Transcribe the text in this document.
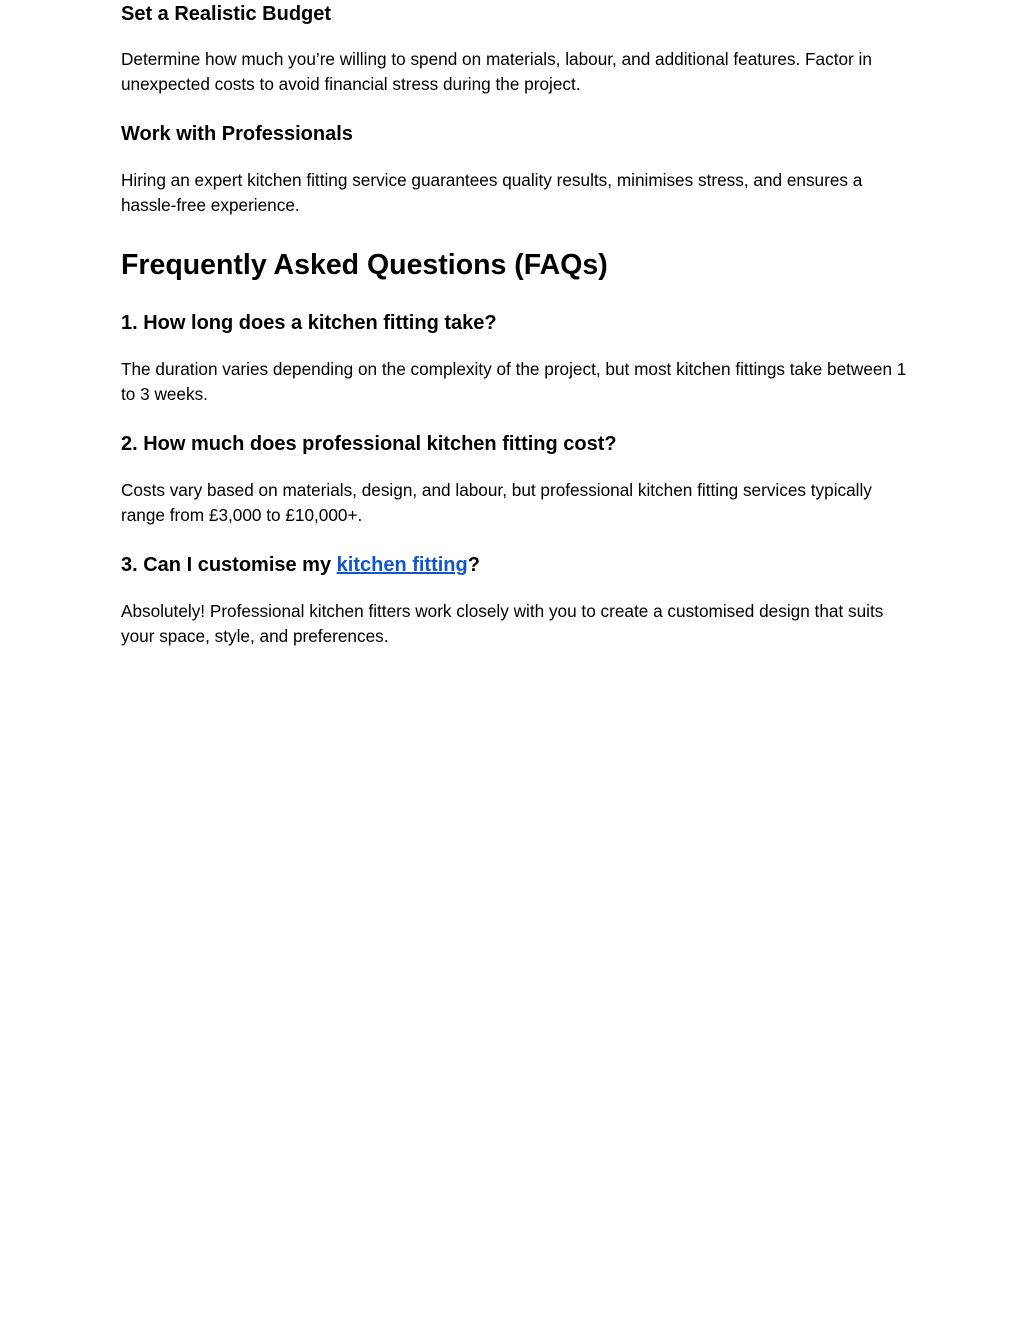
Set a Realistic Budget

Determine how much you’re willing to spend on materials, labour, and additional features. Factor in unexpected costs to avoid financial stress during the project.

Work with Professionals

Hiring an expert kitchen fitting service guarantees quality results, minimises stress, and ensures a hassle-free experience.

Frequently Asked Questions (FAQs)
1. How long does a kitchen fitting take?

The duration varies depending on the complexity of the project, but most kitchen fittings take between 1 to 3 weeks.

2. How much does professional kitchen fitting cost?

Costs vary based on materials, design, and labour, but professional kitchen fitting services typically range from £3,000 to £10,000+.

3. Can I customise my kitchen fitting?

Absolutely! Professional kitchen fitters work closely with you to create a customised design that suits your space, style, and preferences.
